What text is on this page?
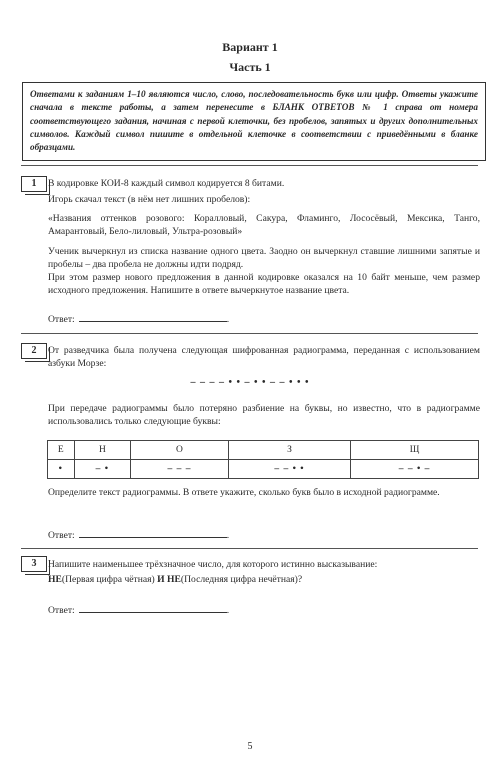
Вариант 1
Часть 1
Ответами к заданиям 1–10 являются число, слово, последовательность букв или цифр. Ответы укажите сначала в тексте работы, а затем перенесите в БЛАНК ОТВЕТОВ № 1 справа от номера соответствующего задания, начиная с первой клеточки, без пробелов, запятых и других дополнительных символов. Каждый символ пишите в отдельной клеточке в соответствии с приведёнными в бланке образцами.
1	В кодировке КОИ-8 каждый символ кодируется 8 битами.
Игорь скачал текст (в нём нет лишних пробелов):
«Названия оттенков розового: Коралловый, Сакура, Фламинго, Лососёвый, Мексика, Танго, Амарантовый, Бело-лиловый, Ультра-розовый»
Ученик вычеркнул из списка название одного цвета. Заодно он вычеркнул ставшие лишними запятые и пробелы – два пробела не должны идти подряд.
При этом размер нового предложения в данной кодировке оказался на 10 байт меньше, чем размер исходного предложения. Напишите в ответе вычеркнутое название цвета.
Ответ:	.
2	От разведчика была получена следующая шифрованная радиограмма, переданная с использованием азбуки Морзе:
– – – – • • – • • – – • • •
При передаче радиограммы было потеряно разбиение на буквы, но известно, что в радиограмме использовались только следующие буквы:
Е	Н	О	З	Щ
•	– •	– – –	– – • •	– – • –
Определите текст радиограммы. В ответе укажите, сколько букв было в исходной радиограмме.
Ответ:	.
3	Напишите наименьшее трёхзначное число, для которого истинно высказывание:
НЕ(Первая цифра чётная) И НЕ(Последняя цифра нечётная)?
Ответ:	.
5
